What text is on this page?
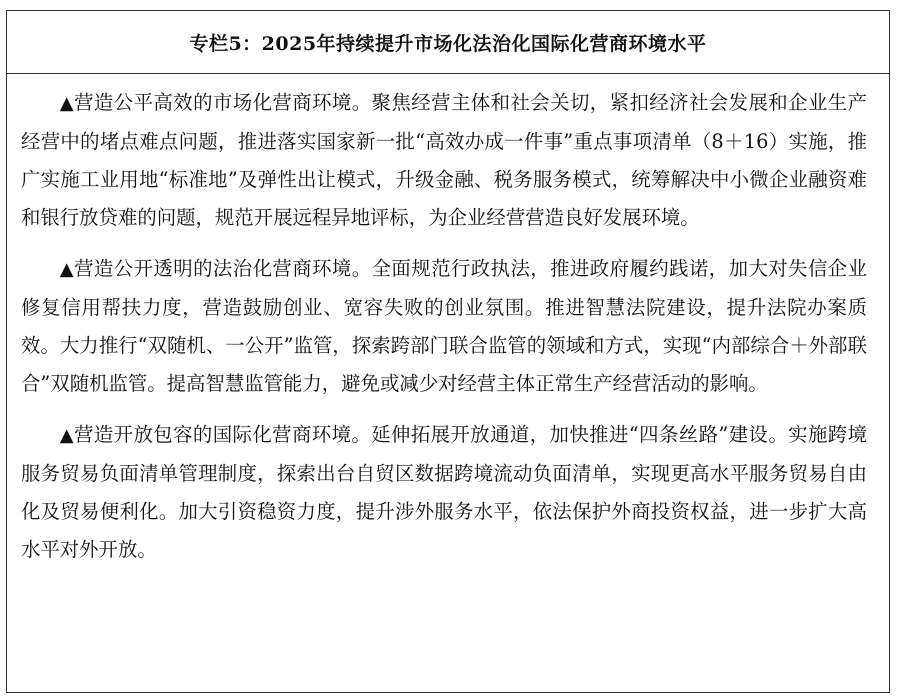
专栏5：2025年持续提升市场化法治化国际化营商环境水平

▲营造公平高效的市场化营商环境。聚焦经营主体和社会关切，紧扣经济社会发展和企业生产经营中的堵点难点问题，推进落实国家新一批“高效办成一件事”重点事项清单（8＋16）实施，推广实施工业用地“标准地”及弹性出让模式，升级金融、税务服务模式，统筹解决中小微企业融资难和银行放贷难的问题，规范开展远程异地评标，为企业经营营造良好发展环境。

▲营造公开透明的法治化营商环境。全面规范行政执法，推进政府履约践诺，加大对失信企业修复信用帮扶力度，营造鼓励创业、宽容失败的创业氛围。推进智慧法院建设，提升法院办案质效。大力推行“双随机、一公开”监管，探索跨部门联合监管的领域和方式，实现“内部综合＋外部联合”双随机监管。提高智慧监管能力，避免或减少对经营主体正常生产经营活动的影响。

▲营造开放包容的国际化营商环境。延伸拓展开放通道，加快推进“四条丝路”建设。实施跨境服务贸易负面清单管理制度，探索出台自贸区数据跨境流动负面清单，实现更高水平服务贸易自由化及贸易便利化。加大引资稳资力度，提升涉外服务水平，依法保护外商投资权益，进一步扩大高水平对外开放。
